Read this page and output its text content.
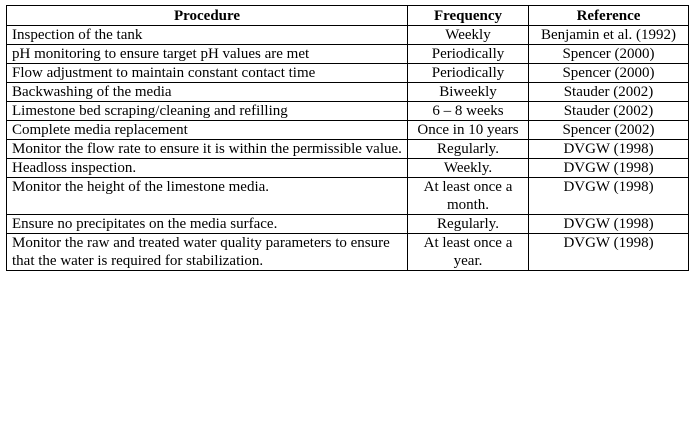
Procedure	Frequency	Reference
Inspection of the tank	Weekly	Benjamin et al. (1992)
pH monitoring to ensure target pH values are met	Periodically	Spencer (2000)
Flow adjustment to maintain constant contact time	Periodically	Spencer (2000)
Backwashing of the media	Biweekly	Stauder (2002)
Limestone bed scraping/cleaning and refilling	6 – 8 weeks	Stauder (2002)
Complete media replacement	Once in 10 years	Spencer (2002)
Monitor the flow rate to ensure it is within the permissible value.	Regularly.	DVGW (1998)
Headloss inspection.	Weekly.	DVGW (1998)
Monitor the height of the limestone media.	At least once a month.	DVGW (1998)
Ensure no precipitates on the media surface.	Regularly.	DVGW (1998)
Monitor the raw and treated water quality parameters to ensure that the water is required for stabilization.	At least once a year.	DVGW (1998)
